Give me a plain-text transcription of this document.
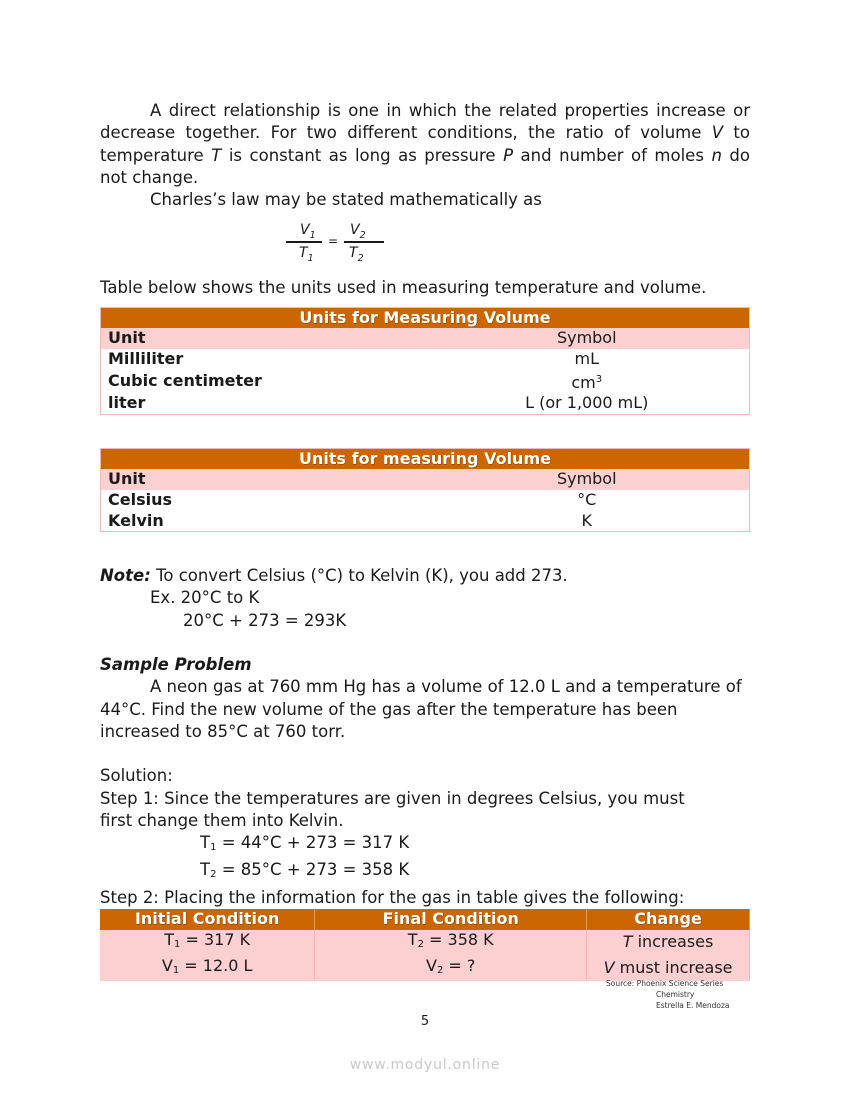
A direct relationship is one in which the related properties increase or decrease together. For two different conditions, the ratio of volume V to temperature T is constant as long as pressure P and number of moles n do not change.

Charles’s law may be stated mathematically as

$V_1$
$T_1$
=
$V_2$
$T_2$

Table below shows the units used in measuring temperature and volume.

Units for Measuring Volume	
Unit	Symbol
Milliliter	mL
Cubic centimeter	$cm^3$
liter	L (or 1,000 mL)
Units for measuring Volume	
Unit	Symbol
Celsius	°C
Kelvin	K

Note: To convert Celsius (°C) to Kelvin (K), you add 273.

Ex. 20°C to K

20°C + 273 = 293K

Sample Problem

A neon gas at 760 mm Hg has a volume of 12.0 L and a temperature of 44°C. Find the new volume of the gas after the temperature has been increased to 85°C at 760 torr.

Solution:

Step 1: Since the temperatures are given in degrees Celsius, you must first change them into Kelvin.

$T_1 = 44^\circ C + 273 = 317$ K

$T_2 = 85^\circ C + 273 = 358$ K

Step 2: Placing the information for the gas in table gives the following:

Initial Condition	Final Condition	Change
$T_1 = 317$ K	$T_2 = 358$ K	T increases
$V_1 = 12.0$ L	$V_2$ = ?	V must increase
Source: Phoenix Science Series
Chemistry
Estrella E. Mendoza
5
www.modyul.online
